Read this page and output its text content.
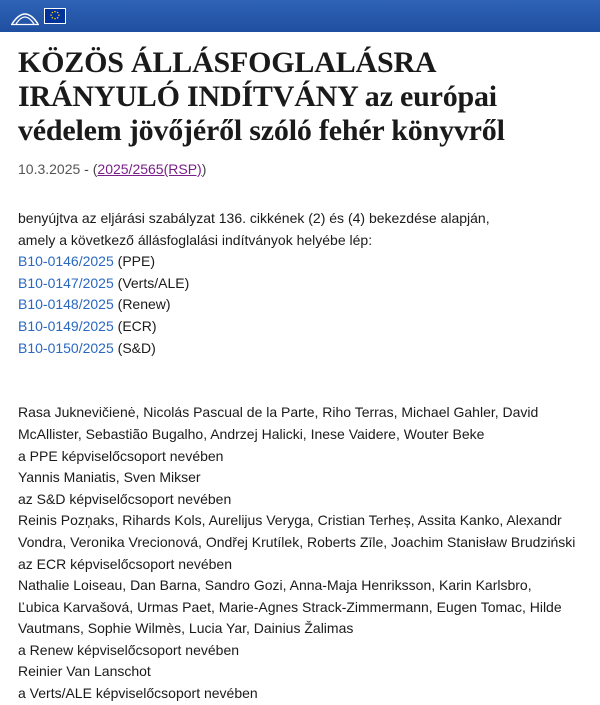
KÖZÖS ÁLLÁSFOGLALÁSRA IRÁNYULÓ INDÍTVÁNY az európai védelem jövőjéről szóló fehér könyvről
10.3.2025 - (2025/2565(RSP))
benyújtva az eljárási szabályzat 136. cikkének (2) és (4) bekezdése alapján,
amely a következő állásfoglalási indítványok helyébe lép:
B10-0146/2025 (PPE)
B10-0147/2025 (Verts/ALE)
B10-0148/2025 (Renew)
B10-0149/2025 (ECR)
B10-0150/2025 (S&D)
Rasa Juknevičienė, Nicolás Pascual de la Parte, Riho Terras, Michael Gahler, David
McAllister, Sebastião Bugalho, Andrzej Halicki, Inese Vaidere, Wouter Beke
a PPE képviselőcsoport nevében
Yannis Maniatis, Sven Mikser
az S&D képviselőcsoport nevében
Reinis Pozņaks, Rihards Kols, Aurelijus Veryga, Cristian Terheș, Assita Kanko, Alexandr
Vondra, Veronika Vrecionová, Ondřej Krutílek, Roberts Zīle, Joachim Stanisław Brudziński
az ECR képviselőcsoport nevében
Nathalie Loiseau, Dan Barna, Sandro Gozi, Anna-Maja Henriksson, Karin Karlsbro,
Ľubica Karvašová, Urmas Paet, Marie-Agnes Strack-Zimmermann, Eugen Tomac, Hilde
Vautmans, Sophie Wilmès, Lucia Yar, Dainius Žalimas
a Renew képviselőcsoport nevében
Reinier Van Lanschot
a Verts/ALE képviselőcsoport nevében
